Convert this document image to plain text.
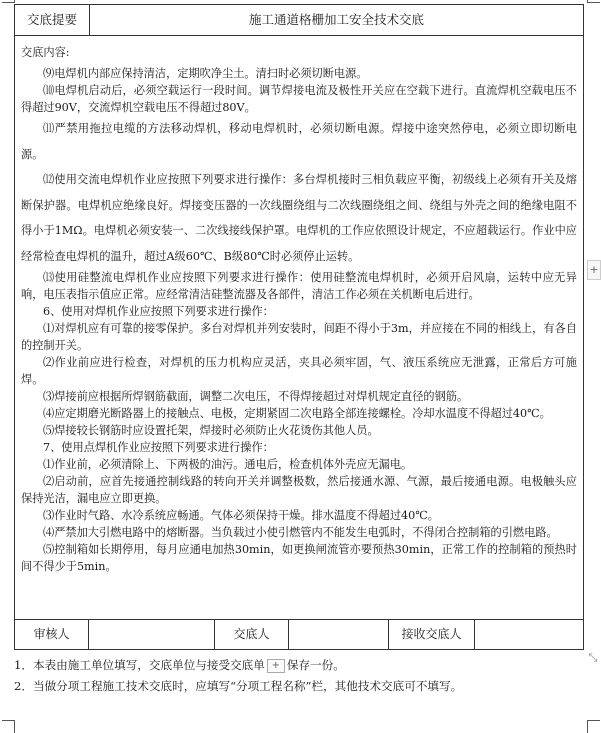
交底提要	施工通道格栅加工安全技术交底
交底内容:

⑼电焊机内部应保持清洁，定期吹净尘土。清扫时必须切断电源。

⑽电焊机启动后，必须空载运行一段时间。调节焊接电流及极性开关应在空载下进行。直流焊机空载电压不得超过90V，交流焊机空载电压不得超过80V。

⑾严禁用拖拉电缆的方法移动焊机，移动电焊机时，必须切断电源。焊接中途突然停电，必须立即切断电源。

⑿使用交流电焊机作业应按照下列要求进行操作：多台焊机接时三相负载应平衡，初级线上必须有开关及熔断保护器。电焊机应绝缘良好。焊接变压器的一次线圈绕组与二次线圈绕组之间、绕组与外壳之间的绝缘电阻不得小于1MΩ。电焊机必须安装一、二次线接线保护罩。电焊机的工作应依照设计规定，不应超载运行。作业中应经常检查电焊机的温升，超过A级60℃、B级80℃时必须停止运转。

⒀使用硅整流电焊机作业应按照下列要求进行操作：使用硅整流电焊机时，必须开启风扇，运转中应无异响，电压表指示值应正常。应经常清洁硅整流器及各部件，清洁工作必须在关机断电后进行。

6、使用对焊机作业应按照下列要求进行操作：

⑴对焊机应有可靠的接零保护。多台对焊机并列安装时，间距不得小于3m，并应接在不同的相线上，有各自的控制开关。

⑵作业前应进行检查，对焊机的压力机构应灵活，夹具必须牢固，气、液压系统应无泄露，正常后方可施焊。

⑶焊接前应根据所焊钢筋截面，调整二次电压，不得焊接超过对焊机规定直径的钢筋。

⑷应定期磨光断路器上的接触点、电极，定期紧固二次电路全部连接螺栓。冷却水温度不得超过40℃。

⑸焊接较长钢筋时应设置托架，焊接时必须防止火花烫伤其他人员。

7、使用点焊机作业应按照下列要求进行操作：

⑴作业前，必须清除上、下两极的油污。通电后，检查机体外壳应无漏电。

⑵启动前，应首先接通控制线路的转向开关并调整极数，然后接通水源、气源，最后接通电源。电极触头应保持光洁，漏电应立即更换。

⑶作业时气路、水冷系统应畅通。气体必须保持干燥。排水温度不得超过40℃。

⑷严禁加大引燃电路中的熔断器。当负载过小使引燃管内不能发生电弧时，不得闭合控制箱的引燃电路。

⑸控制箱如长期停用，每月应通电加热30min，如更换闸流管亦要预热30min，正常工作的控制箱的预热时间不得少于5min。

审核人	交底人	接收交底人
+
⤡
1．本表由施工单位填写，交底单位与接受交底单 + 保存一份。
2．当做分项工程施工技术交底时，应填写“分项工程名称”栏，其他技术交底可不填写。
